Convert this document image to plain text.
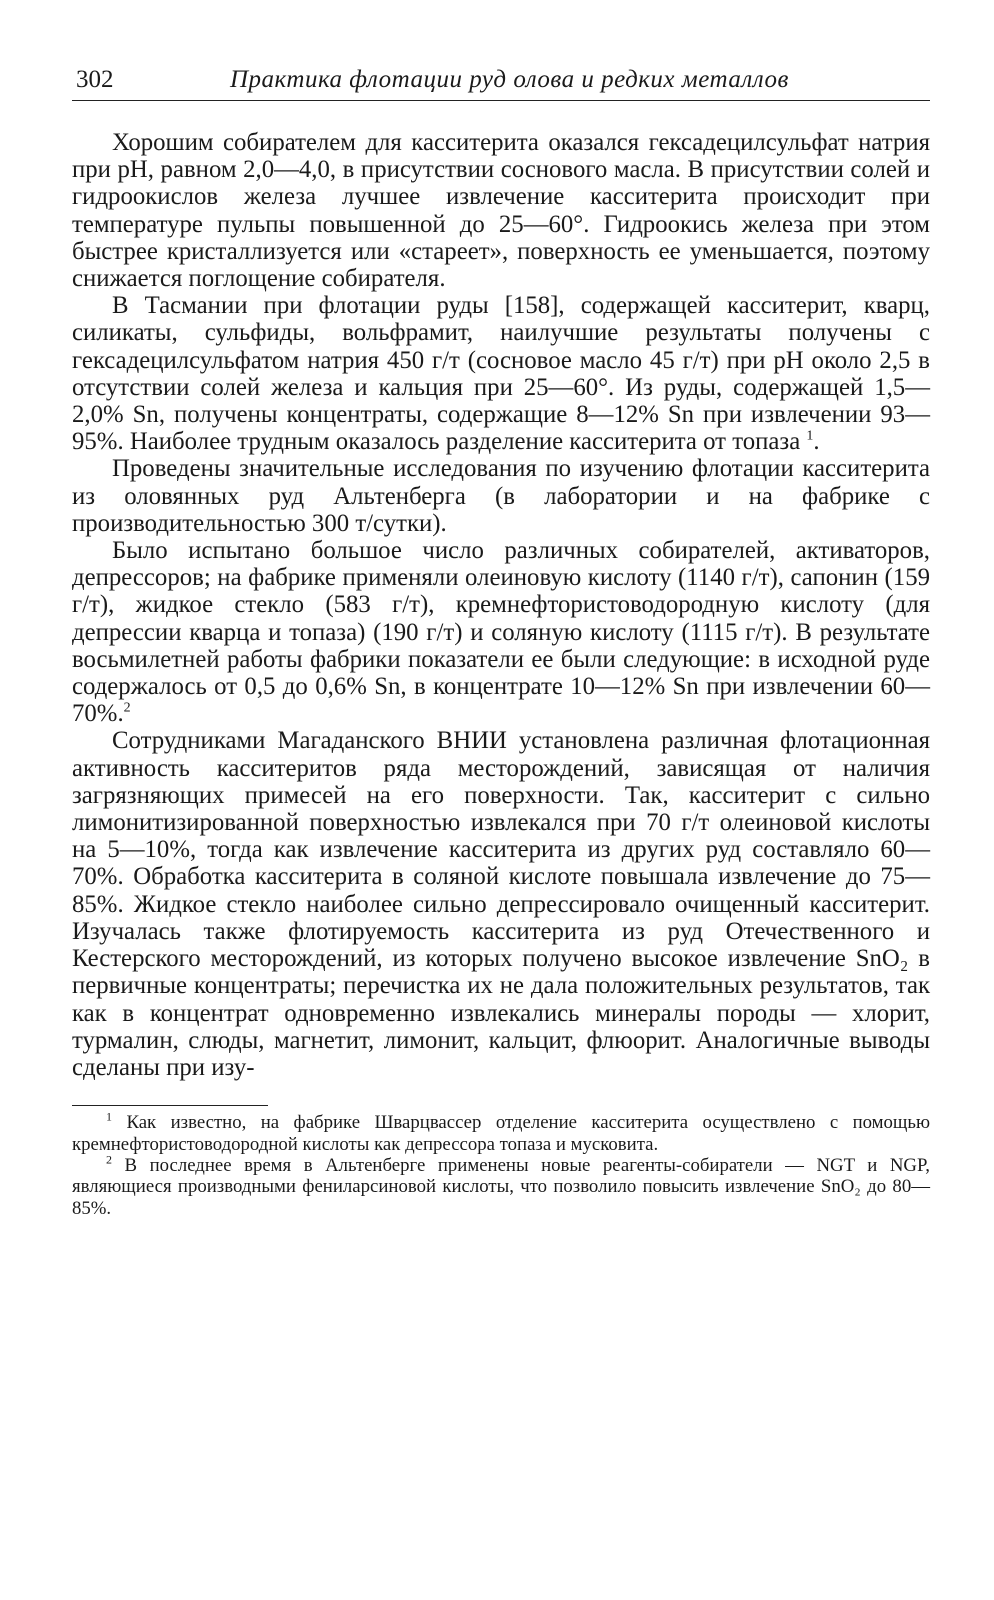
302	Практика флотации руд олова и редких металлов

Хорошим собирателем для касситерита оказался гексадецилсульфат натрия при рН, равном 2,0—4,0, в присутствии соснового масла. В присутствии солей и гидроокислов железа лучшее извлечение касситерита происходит при температуре пульпы повышенной до 25—60°. Гидроокись железа при этом быстрее кристаллизуется или «стареет», поверхность ее уменьшается, поэтому снижается поглощение собирателя.

В Тасмании при флотации руды [158], содержащей касситерит, кварц, силикаты, сульфиды, вольфрамит, наилучшие результаты получены с гексадецилсульфатом натрия 450 г/т (сосновое масло 45 г/т) при рН около 2,5 в отсутствии солей железа и кальция при 25—60°. Из руды, содержащей 1,5—2,0% Sn, получены концентраты, содержащие 8—12% Sn при извлечении 93—95%. Наиболее трудным оказалось разделение касситерита от топаза $^1$.

Проведены значительные исследования по изучению флотации касситерита из оловянных руд Альтенберга (в лаборатории и на фабрике с производительностью 300 т/сутки).

Было испытано большое число различных собирателей, активаторов, депрессоров; на фабрике применяли олеиновую кислоту (1140 г/т), сапонин (159 г/т), жидкое стекло (583 г/т), кремнефтористоводородную кислоту (для депрессии кварца и топаза) (190 г/т) и соляную кислоту (1115 г/т). В результате восьмилетней работы фабрики показатели ее были следующие: в исходной руде содержалось от 0,5 до 0,6% Sn, в концентрате 10—12% Sn при извлечении 60—70%.$^2$

Сотрудниками Магаданского ВНИИ установлена различная флотационная активность касситеритов ряда месторождений, зависящая от наличия загрязняющих примесей на его поверхности. Так, касситерит с сильно лимонитизированной поверхностью извлекался при 70 г/т олеиновой кислоты на 5—10%, тогда как извлечение касситерита из других руд составляло 60—70%. Обработка касситерита в соляной кислоте повышала извлечение до 75—85%. Жидкое стекло наиболее сильно депрессировало очищенный касситерит. Изучалась также флотируемость касситерита из руд Отечественного и Кестерского месторождений, из которых получено высокое извлечение SnO₂ в первичные концентраты; перечистка их не дала положительных результатов, так как в концентрат одновременно извлекались минералы породы — хлорит, турмалин, слюды, магнетит, лимонит, кальцит, флюорит. Аналогичные выводы сделаны при изу-

$^1$ Как известно, на фабрике Шварцвассер отделение касситерита осуществлено с помощью кремнефтористоводородной кислоты как депрессора топаза и мусковита.

$^2$ В последнее время в Альтенберге применены новые реагенты-собиратели — NGT и NGP, являющиеся производными фениларсиновой кислоты, что позволило повысить извлечение SnO₂ до 80—85%.
